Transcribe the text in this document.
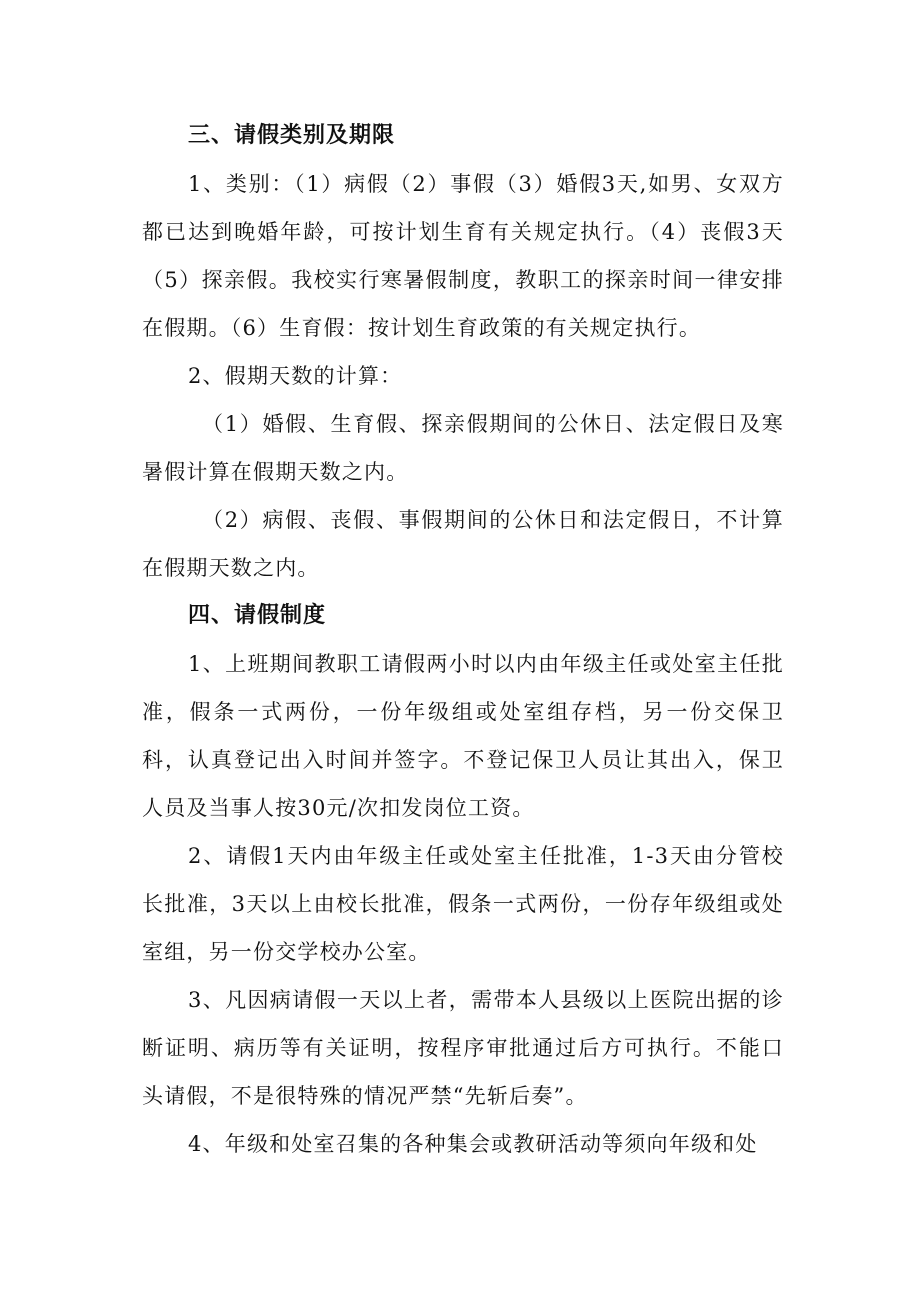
三、请假类别及期限

1、类别：（1）病假（2）事假（3）婚假3天,如男、女双方都已达到晚婚年龄，可按计划生育有关规定执行。（4）丧假3天（5）探亲假。我校实行寒暑假制度，教职工的探亲时间一律安排在假期。（6）生育假：按计划生育政策的有关规定执行。

2、假期天数的计算：

（1）婚假、生育假、探亲假期间的公休日、法定假日及寒暑假计算在假期天数之内。

（2）病假、丧假、事假期间的公休日和法定假日，不计算在假期天数之内。

四、请假制度

1、上班期间教职工请假两小时以内由年级主任或处室主任批准，假条一式两份，一份年级组或处室组存档，另一份交保卫科，认真登记出入时间并签字。不登记保卫人员让其出入，保卫人员及当事人按30元/次扣发岗位工资。

2、请假1天内由年级主任或处室主任批准，1-3天由分管校长批准，3天以上由校长批准，假条一式两份，一份存年级组或处室组，另一份交学校办公室。

3、凡因病请假一天以上者，需带本人县级以上医院出据的诊断证明、病历等有关证明，按程序审批通过后方可执行。不能口头请假，不是很特殊的情况严禁“先斩后奏”。

4、年级和处室召集的各种集会或教研活动等须向年级和处
